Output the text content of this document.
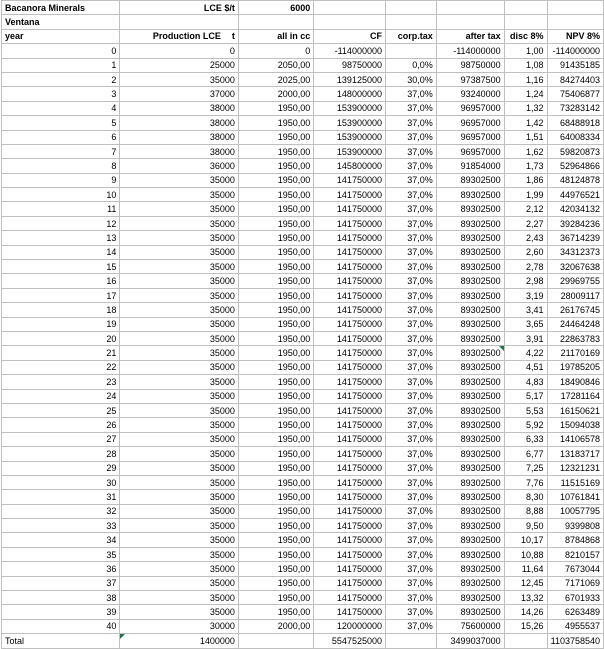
Bacanora Minerals	LCE $/t	6000					
Ventana							
year	Production LCE t	all in cc	CF	corp.tax	after tax	disc 8%	NPV 8%
0	0	0	-114000000		-114000000	1,00	-114000000
1	25000	2050,00	98750000	0,0%	98750000	1,08	91435185
2	35000	2025,00	139125000	30,0%	97387500	1,16	84274403
3	37000	2000,00	148000000	37,0%	93240000	1,24	75406877
4	38000	1950,00	153900000	37,0%	96957000	1,32	73283142
5	38000	1950,00	153900000	37,0%	96957000	1,42	68488918
6	38000	1950,00	153900000	37,0%	96957000	1,51	64008334
7	38000	1950,00	153900000	37,0%	96957000	1,62	59820873
8	36000	1950,00	145800000	37,0%	91854000	1,73	52964866
9	35000	1950,00	141750000	37,0%	89302500	1,86	48124878
10	35000	1950,00	141750000	37,0%	89302500	1,99	44976521
11	35000	1950,00	141750000	37,0%	89302500	2,12	42034132
12	35000	1950,00	141750000	37,0%	89302500	2,27	39284236
13	35000	1950,00	141750000	37,0%	89302500	2,43	36714239
14	35000	1950,00	141750000	37,0%	89302500	2,60	34312373
15	35000	1950,00	141750000	37,0%	89302500	2,78	32067638
16	35000	1950,00	141750000	37,0%	89302500	2,98	29969755
17	35000	1950,00	141750000	37,0%	89302500	3,19	28009117
18	35000	1950,00	141750000	37,0%	89302500	3,41	26176745
19	35000	1950,00	141750000	37,0%	89302500	3,65	24464248
20	35000	1950,00	141750000	37,0%	89302500	3,91	22863783
21	35000	1950,00	141750000	37,0%	89302500	4,22	21170169
22	35000	1950,00	141750000	37,0%	89302500	4,51	19785205
23	35000	1950,00	141750000	37,0%	89302500	4,83	18490846
24	35000	1950,00	141750000	37,0%	89302500	5,17	17281164
25	35000	1950,00	141750000	37,0%	89302500	5,53	16150621
26	35000	1950,00	141750000	37,0%	89302500	5,92	15094038
27	35000	1950,00	141750000	37,0%	89302500	6,33	14106578
28	35000	1950,00	141750000	37,0%	89302500	6,77	13183717
29	35000	1950,00	141750000	37,0%	89302500	7,25	12321231
30	35000	1950,00	141750000	37,0%	89302500	7,76	11515169
31	35000	1950,00	141750000	37,0%	89302500	8,30	10761841
32	35000	1950,00	141750000	37,0%	89302500	8,88	10057795
33	35000	1950,00	141750000	37,0%	89302500	9,50	9399808
34	35000	1950,00	141750000	37,0%	89302500	10,17	8784868
35	35000	1950,00	141750000	37,0%	89302500	10,88	8210157
36	35000	1950,00	141750000	37,0%	89302500	11,64	7673044
37	35000	1950,00	141750000	37,0%	89302500	12,45	7171069
38	35000	1950,00	141750000	37,0%	89302500	13,32	6701933
39	35000	1950,00	141750000	37,0%	89302500	14,26	6263489
40	30000	2000,00	120000000	37,0%	75600000	15,26	4955537
Total	1400000		5547525000		3499037000		1103758540
